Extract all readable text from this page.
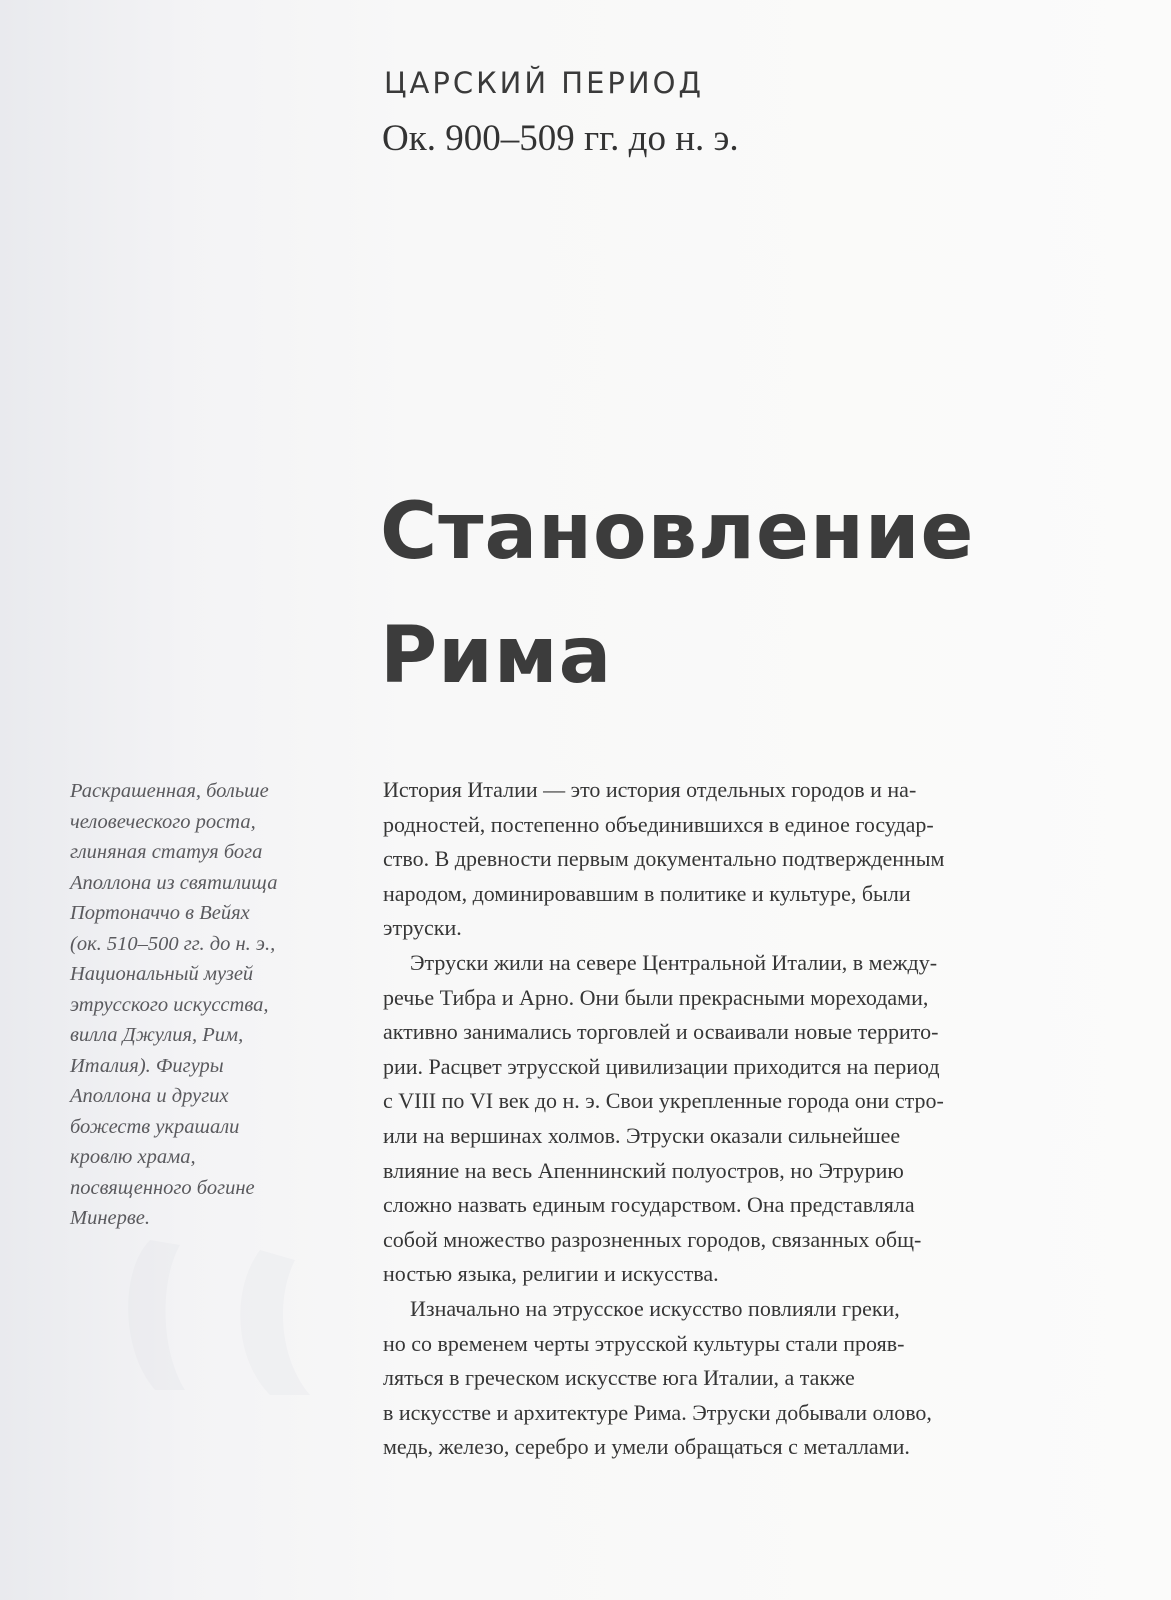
ЦАРСКИЙ ПЕРИОД
Ок. 900–509 гг. до н. э.
Становление
Рима
Раскрашенная, больше
человеческого роста,
глиняная статуя бога
Аполлона из святилища
Портоначчо в Вейях
(ок. 510–500 гг. до н. э.,
Национальный музей
этрусского искусства,
вилла Джулия, Рим,
Италия). Фигуры
Аполлона и других
божеств украшали
кровлю храма,
посвященного богине
Минерве.
История Италии — это история отдельных городов и на-
родностей, постепенно объединившихся в единое государ-
ство. В древности первым документально подтвержденным
народом, доминировавшим в политике и культуре, были
этруски.
Этруски жили на севере Центральной Италии, в между-
речье Тибра и Арно. Они были прекрасными мореходами,
активно занимались торговлей и осваивали новые террито-
рии. Расцвет этрусской цивилизации приходится на период
с VIII по VI век до н. э. Свои укрепленные города они стро-
или на вершинах холмов. Этруски оказали сильнейшее
влияние на весь Апеннинский полуостров, но Этрурию
сложно назвать единым государством. Она представляла
собой множество разрозненных городов, связанных общ-
ностью языка, религии и искусства.
Изначально на этрусское искусство повлияли греки,
но со временем черты этрусской культуры стали прояв-
ляться в греческом искусстве юга Италии, а также
в искусстве и архитектуре Рима. Этруски добывали олово,
медь, железо, серебро и умели обращаться с металлами.
